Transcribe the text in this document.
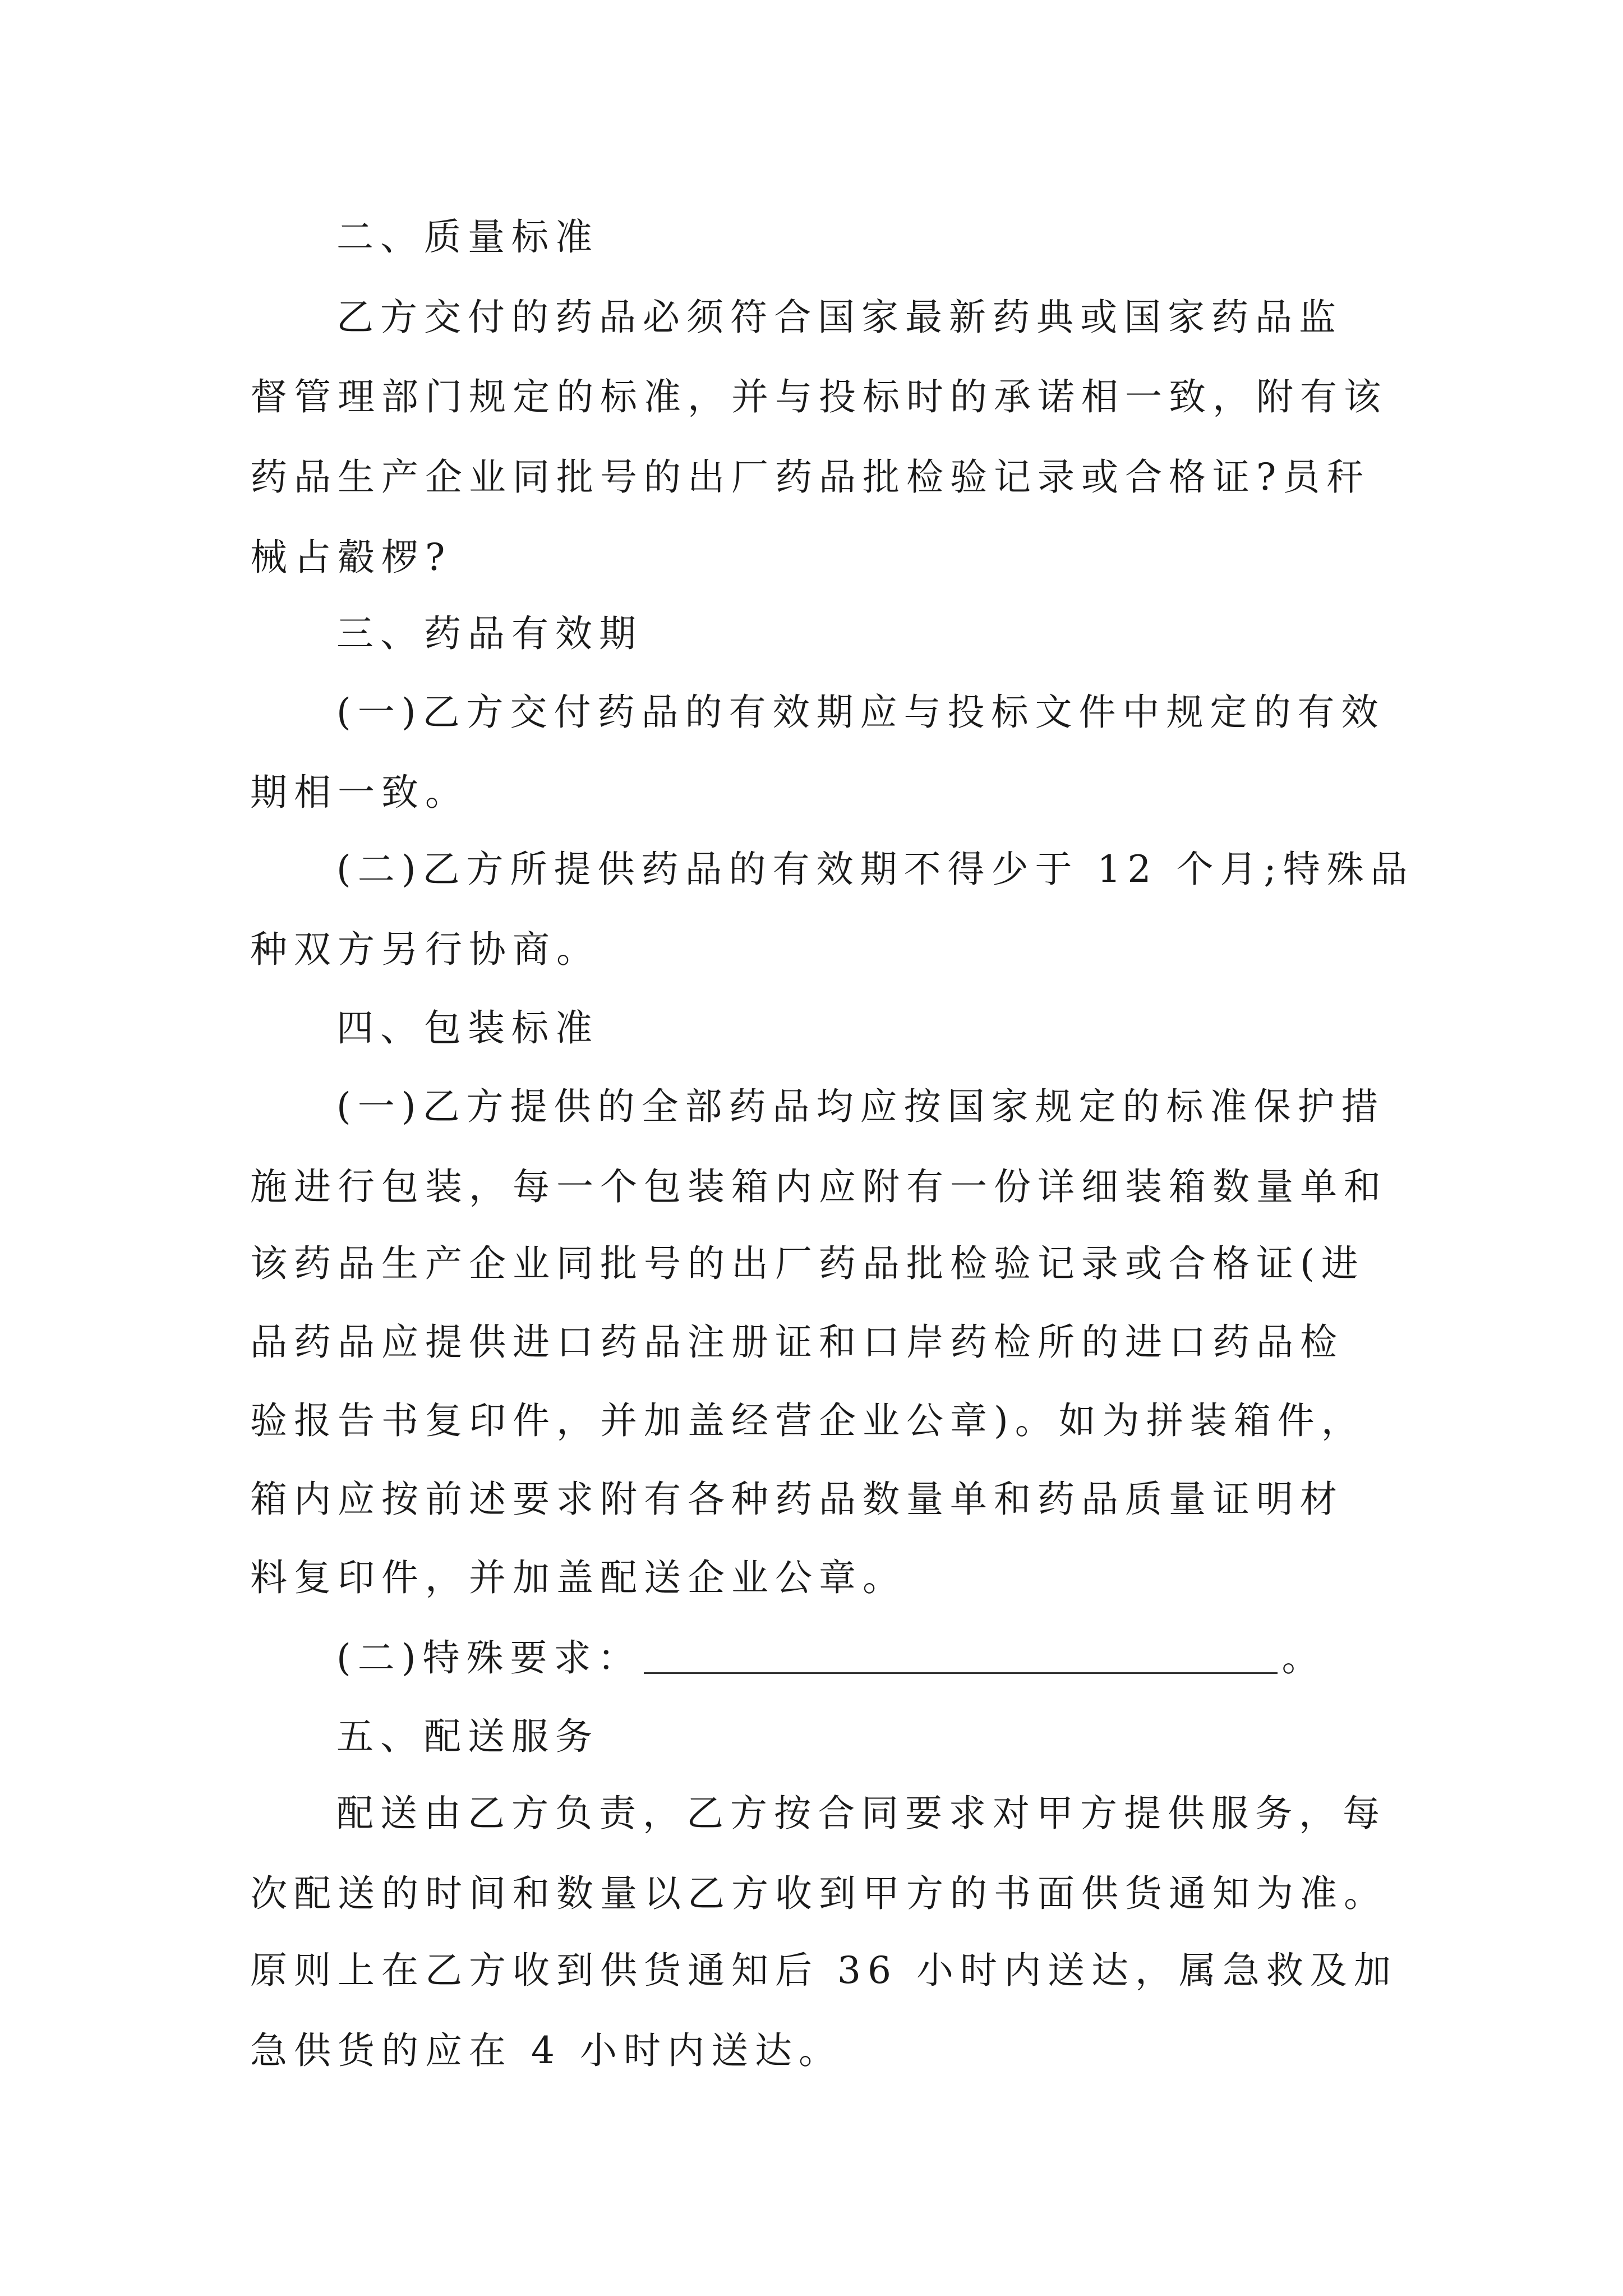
二、质量标准
乙方交付的药品必须符合国家最新药典或国家药品监
督管理部门规定的标准，并与投标时的承诺相一致，附有该
药品生产企业同批号的出厂药品批检验记录或合格证?员秆
械占觳椤?
三、药品有效期
(一)乙方交付药品的有效期应与投标文件中规定的有效
期相一致。
(二)乙方所提供药品的有效期不得少于 12 个月;特殊品
种双方另行协商。
四、包装标准
(一)乙方提供的全部药品均应按国家规定的标准保护措
施进行包装，每一个包装箱内应附有一份详细装箱数量单和
该药品生产企业同批号的出厂药品批检验记录或合格证(进
品药品应提供进口药品注册证和口岸药检所的进口药品检
验报告书复印件，并加盖经营企业公章)。如为拼装箱件，
箱内应按前述要求附有各种药品数量单和药品质量证明材
料复印件，并加盖配送企业公章。
(二)特殊要求：	。
五、配送服务
配送由乙方负责，乙方按合同要求对甲方提供服务，每
次配送的时间和数量以乙方收到甲方的书面供货通知为准。
原则上在乙方收到供货通知后 36 小时内送达，属急救及加
急供货的应在 4 小时内送达。
